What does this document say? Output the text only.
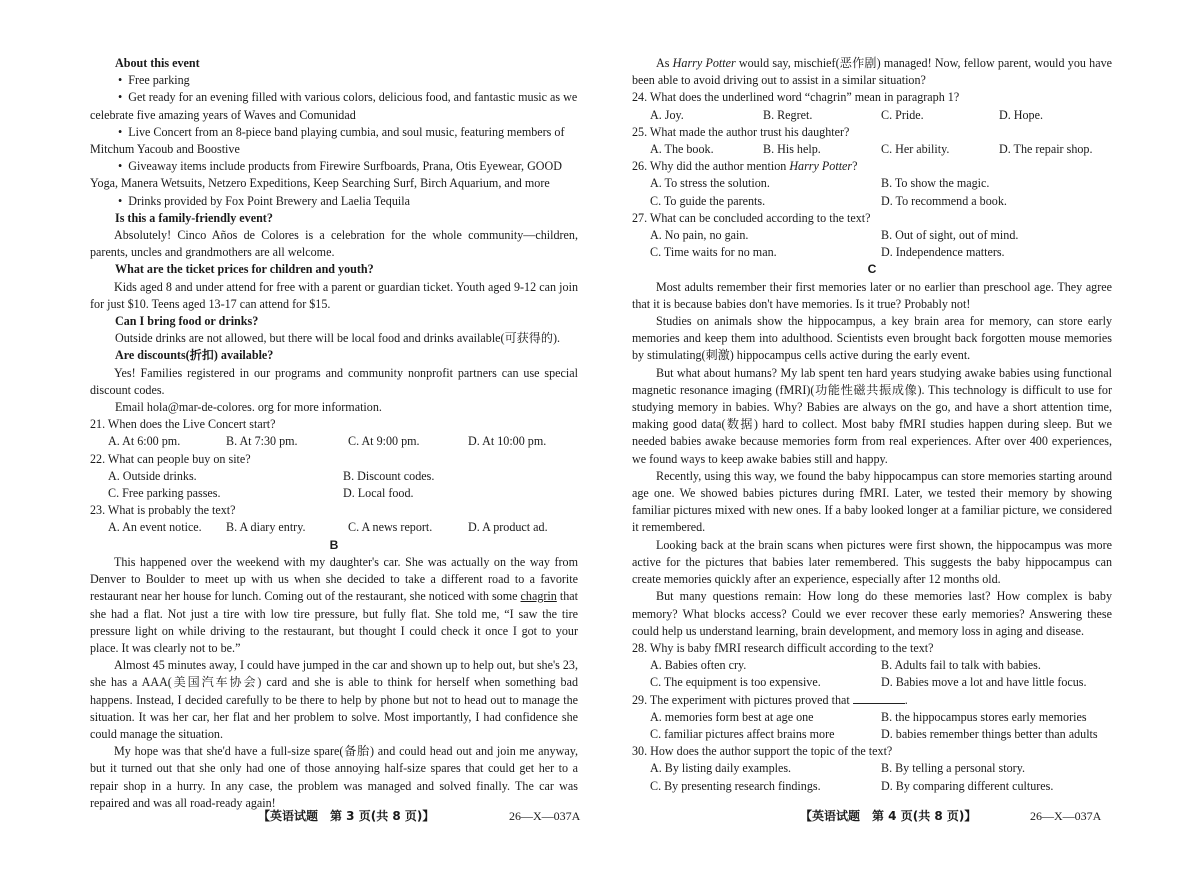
About this event
• Free parking
• Get ready for an evening filled with various colors, delicious food, and fantastic music as we celebrate five amazing years of Waves and Comunidad
• Live Concert from an 8-piece band playing cumbia, and soul music, featuring members of Mitchum Yacoub and Boostive
• Giveaway items include products from Firewire Surfboards, Prana, Otis Eyewear, GOOD Yoga, Manera Wetsuits, Netzero Expeditions, Keep Searching Surf, Birch Aquarium, and more
• Drinks provided by Fox Point Brewery and Laelia Tequila
Is this a family-friendly event?
Absolutely! Cinco Años de Colores is a celebration for the whole community—children, parents, uncles and grandmothers are all welcome.
What are the ticket prices for children and youth?
Kids aged 8 and under attend for free with a parent or guardian ticket. Youth aged 9-12 can join for just $10. Teens aged 13-17 can attend for $15.
Can I bring food or drinks?
Outside drinks are not allowed, but there will be local food and drinks available(可获得的).
Are discounts(折扣) available?
Yes! Families registered in our programs and community nonprofit partners can use special discount codes.
Email hola@mar-de-colores. org for more information.
21. When does the Live Concert start?
A. At 6:00 pm.	B. At 7:30 pm.	C. At 9:00 pm.	D. At 10:00 pm.
22. What can people buy on site?
A. Outside drinks.	B. Discount codes.
C. Free parking passes.	D. Local food.
23. What is probably the text?
A. An event notice.	B. A diary entry.	C. A news report.	D. A product ad.
B
This happened over the weekend with my daughter's car. She was actually on the way from Denver to Boulder to meet up with us when she decided to take a different road to a favorite restaurant near her house for lunch. Coming out of the restaurant, she noticed with some chagrin that she had a flat. Not just a tire with low tire pressure, but fully flat. She told me, “I saw the tire pressure light on while driving to the restaurant, but thought I could check it once I got to your place. It was clearly not to be.”
Almost 45 minutes away, I could have jumped in the car and shown up to help out, but she's 23, she has a AAA(美国汽车协会) card and she is able to think for herself when something bad happens. Instead, I decided carefully to be there to help by phone but not to head out to manage the situation. It was her car, her flat and her problem to solve. Most importantly, I had confidence she could manage the situation.
My hope was that she'd have a full-size spare(备胎) and could head out and join me anyway, but it turned out that she only had one of those annoying half-size spares that could get her to a repair shop in a hurry. In any case, the problem was managed and solved finally. The car was repaired and was all road-ready again!
【英语试题　第 3 页(共 8 页)】	26—X—037A
As Harry Potter would say, mischief(恶作剧) managed! Now, fellow parent, would you have been able to avoid driving out to assist in a similar situation?
24. What does the underlined word “chagrin” mean in paragraph 1?
A. Joy.	B. Regret.	C. Pride.	D. Hope.
25. What made the author trust his daughter?
A. The book.	B. His help.	C. Her ability.	D. The repair shop.
26. Why did the author mention Harry Potter?
A. To stress the solution.	B. To show the magic.
C. To guide the parents.	D. To recommend a book.
27. What can be concluded according to the text?
A. No pain, no gain.	B. Out of sight, out of mind.
C. Time waits for no man.	D. Independence matters.
C
Most adults remember their first memories later or no earlier than preschool age. They agree that it is because babies don't have memories. Is it true? Probably not!
Studies on animals show the hippocampus, a key brain area for memory, can store early memories and keep them into adulthood. Scientists even brought back forgotten mouse memories by stimulating(刺激) hippocampus cells active during the early event.
But what about humans? My lab spent ten hard years studying awake babies using functional magnetic resonance imaging (fMRI)(功能性磁共振成像). This technology is difficult to use for studying memory in babies. Why? Babies are always on the go, and have a short attention time, making good data(数据) hard to collect. Most baby fMRI studies happen during sleep. But we needed babies awake because memories form from real experiences. After over 400 experiences, we found ways to keep awake babies still and happy.
Recently, using this way, we found the baby hippocampus can store memories starting around age one. We showed babies pictures during fMRI. Later, we tested their memory by showing familiar pictures mixed with new ones. If a baby looked longer at a familiar picture, we considered it remembered.
Looking back at the brain scans when pictures were first shown, the hippocampus was more active for the pictures that babies later remembered. This suggests the baby hippocampus can create memories quickly after an experience, especially after 12 months old.
But many questions remain: How long do these memories last? How complex is baby memory? What blocks access? Could we ever recover these early memories? Answering these could help us understand learning, brain development, and memory loss in aging and disease.
28. Why is baby fMRI research difficult according to the text?
A. Babies often cry.	B. Adults fail to talk with babies.
C. The equipment is too expensive.	D. Babies move a lot and have little focus.
29. The experiment with pictures proved that	.
A. memories form best at age one	B. the hippocampus stores early memories
C. familiar pictures affect brains more	D. babies remember things better than adults
30. How does the author support the topic of the text?
A. By listing daily examples.	B. By telling a personal story.
C. By presenting research findings.	D. By comparing different cultures.
【英语试题　第 4 页(共 8 页)】	26—X—037A
